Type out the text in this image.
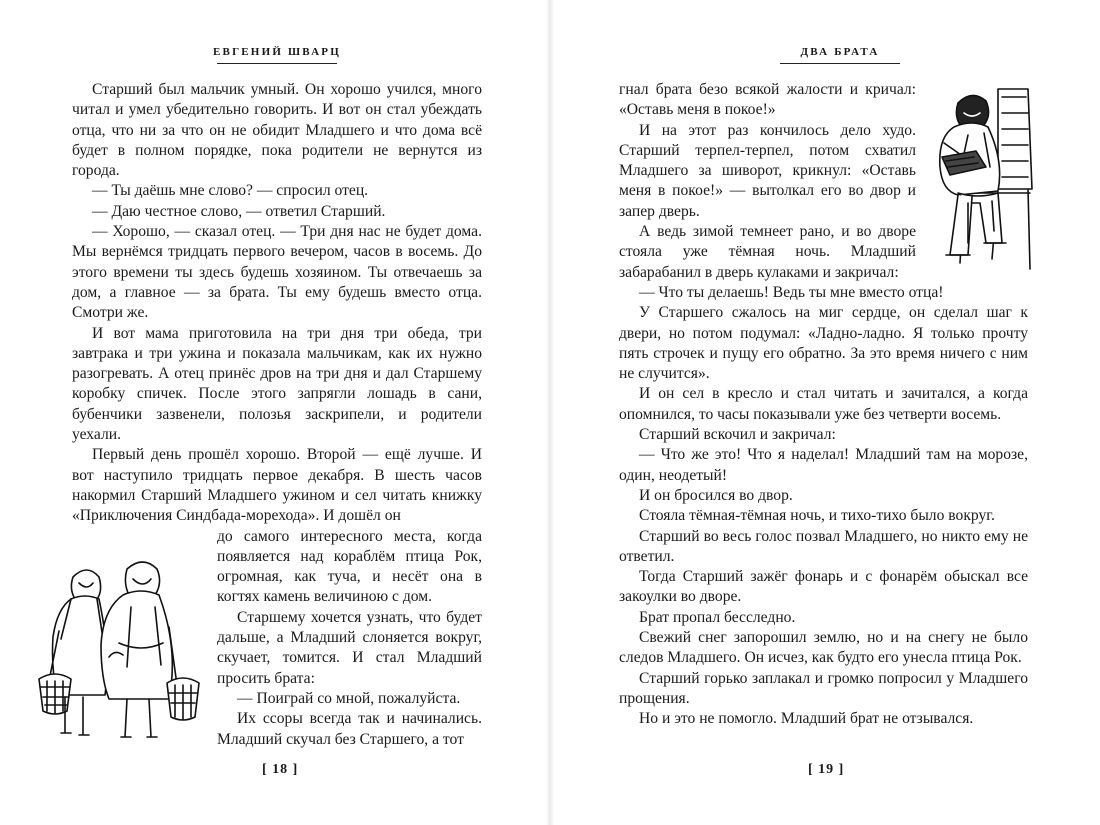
ЕВГЕНИЙ ШВАРЦ

Старший был мальчик умный. Он хорошо учился, много читал и умел убедительно говорить. И вот он стал убеждать отца, что ни за что он не обидит Младшего и что дома всё будет в полном порядке, пока родители не вернутся из города.

— Ты даёшь мне слово? — спросил отец.

— Даю честное слово, — ответил Старший.

— Хорошо, — сказал отец. — Три дня нас не будет дома. Мы вернёмся тридцать первого вечером, часов в восемь. До этого времени ты здесь будешь хозяином. Ты отвечаешь за дом, а главное — за брата. Ты ему будешь вместо отца. Смотри же.

И вот мама приготовила на три дня три обеда, три завтрака и три ужина и показала мальчикам, как их нужно разогревать. А отец принёс дров на три дня и дал Старшему коробку спичек. После этого запрягли лошадь в сани, бубенчики зазвенели, полозья заскрипели, и родители уехали.

Первый день прошёл хорошо. Второй — ещё лучше. И вот наступило тридцать первое декабря. В шесть часов накормил Старший Младшего ужином и сел читать книжку «Приключения Синдбада-морехода». И дошёл он

до самого интересного места, когда появляется над кораблём птица Рок, огромная, как туча, и несёт она в когтях камень величиною с дом.

Старшему хочется узнать, что будет дальше, а Младший слоняется вокруг, скучает, томится. И стал Младший просить брата:

— Поиграй со мной, пожалуйста.

Их ссоры всегда так и начинались. Младший скучал без Старшего, а тот

[ 18 ]
ДВА БРАТА

гнал брата безо всякой жалости и кричал: «Оставь меня в покое!»

И на этот раз кончилось дело худо. Старший терпел-терпел, потом схватил Младшего за шиворот, крикнул: «Оставь меня в покое!» — вытолкал его во двор и запер дверь.

А ведь зимой темнеет рано, и во дворе стояла уже тёмная ночь. Младший забарабанил в дверь кулаками и закричал:

— Что ты делаешь! Ведь ты мне вместо отца!

У Старшего сжалось на миг сердце, он сделал шаг к двери, но потом подумал: «Ладно-ладно. Я только прочту пять строчек и пущу его обратно. За это время ничего с ним не случится».

И он сел в кресло и стал читать и зачитался, а когда опомнился, то часы показывали уже без четверти восемь.

Старший вскочил и закричал:

— Что же это! Что я наделал! Младший там на морозе, один, неодетый!

И он бросился во двор.

Стояла тёмная-тёмная ночь, и тихо-тихо было вокруг.

Старший во весь голос позвал Младшего, но никто ему не ответил.

Тогда Старший зажёг фонарь и с фонарём обыскал все закоулки во дворе.

Брат пропал бесследно.

Свежий снег запорошил землю, но и на снегу не было следов Младшего. Он исчез, как будто его унесла птица Рок.

Старший горько заплакал и громко попросил у Младшего прощения.

Но и это не помогло. Младший брат не отзывался.

[ 19 ]
